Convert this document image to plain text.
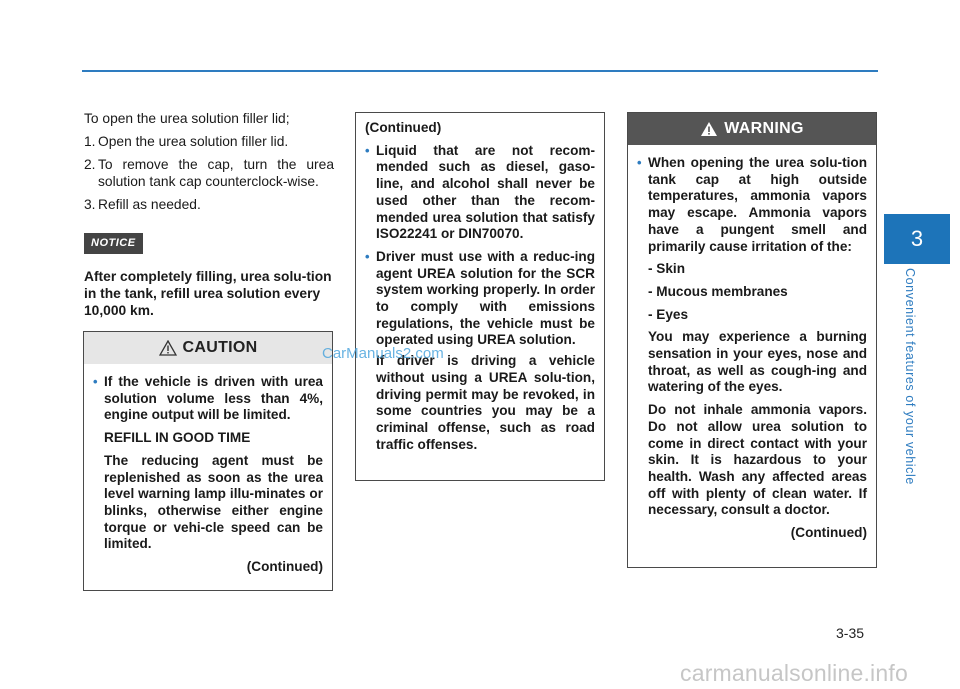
3
Convenient features of your vehicle

To open the urea solution filler lid;

1. Open the urea solution filler lid.
2. To remove the cap, turn the urea solution tank cap counterclock-wise.
3. Refill as needed.
NOTICE
After completely filling, urea solu-tion in the tank, refill urea solution every 10,000 km.
CAUTION
• If the vehicle is driven with urea solution volume less than 4%, engine output will be limited.
REFILL IN GOOD TIME
The reducing agent must be replenished as soon as the urea level warning lamp illu-minates or blinks, otherwise either engine torque or vehi-cle speed can be limited.
(Continued)
(Continued)
• Liquid that are not recom-mended such as diesel, gaso-line, and alcohol shall never be used other than the recom-mended urea solution that satisfy ISO22241 or DIN70070.
• Driver must use with a reduc-ing agent UREA solution for the SCR system working properly. In order to comply with emissions regulations, the vehicle must be operated using UREA solution.
If driver is driving a vehicle without using a UREA solu-tion, driving permit may be revoked, in some countries you may be a criminal offense, such as road traffic offenses.
WARNING
• When opening the urea solu-tion tank cap at high outside temperatures, ammonia vapors may escape. Ammonia vapors have a pungent smell and primarily cause irritation of the:
- Skin
- Mucous membranes
- Eyes
You may experience a burning sensation in your eyes, nose and throat, as well as cough-ing and watering of the eyes.
Do not inhale ammonia vapors. Do not allow urea solution to come in direct contact with your skin. It is hazardous to your health. Wash any affected areas off with plenty of clean water. If necessary, consult a doctor.
(Continued)
CarManuals2.com
3-35
carmanualsonline.info
